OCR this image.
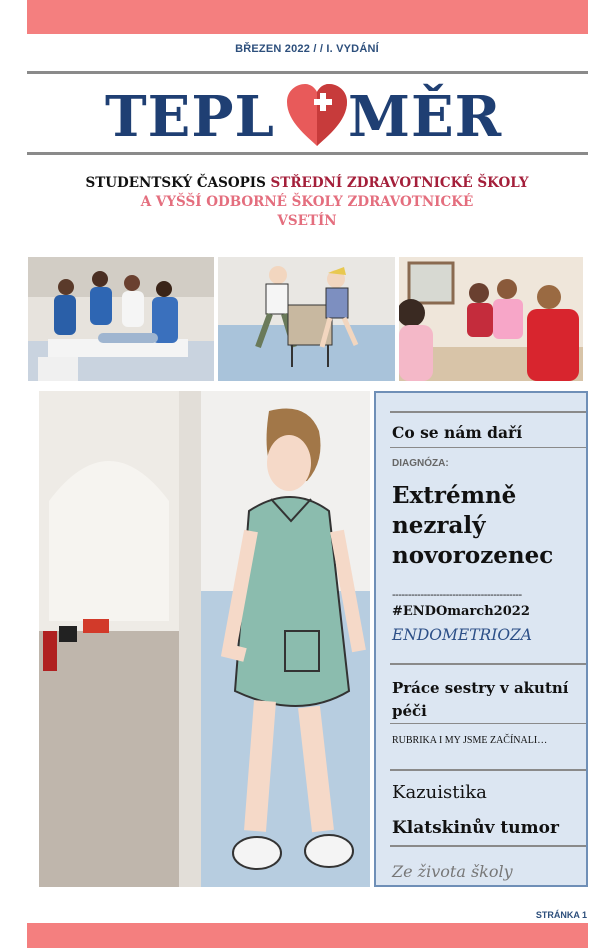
BŘEZEN 2022 / / I. VYDÁNÍ
TEPL MĚR
STUDENTSKÝ ČASOPIS STŘEDNÍ ZDRAVOTNICKÉ ŠKOLY
A VYŠŠÍ ODBORNÉ ŠKOLY ZDRAVOTNICKÉ
VSETÍN
Co se nám daří
DIAGNÓZA:
Extrémně nezralý novorozenec
-----------------------------------------
#ENDOmarch2022
ENDOMETRIOZA
Práce sestry v akutní péči
RUBRIKA I MY JSME ZAČÍNALI…
Kazuistika
Klatskinův tumor
Ze života školy
STRÁNKA 1
